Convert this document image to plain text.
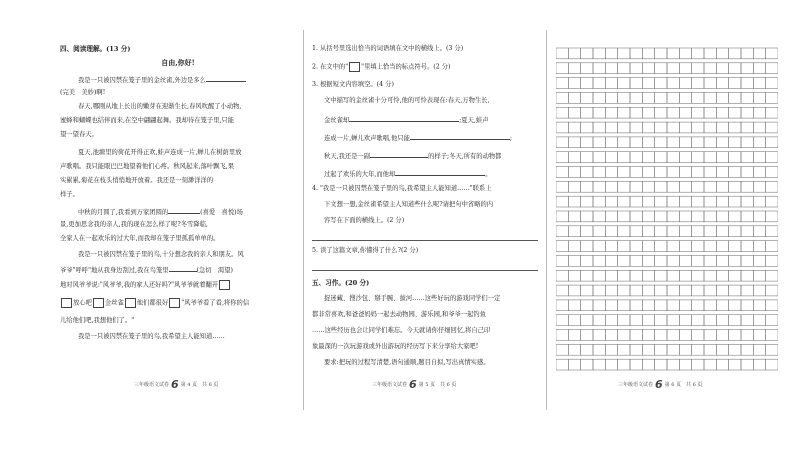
四、阅读理解。(13 分)
自由,你好!
我是一只被囚禁在笼子里的金丝雀,外边是多么
(完美　美妙)啊!
春天,哪刚从地上长出的嫩芽在迎渐生长,春风吹醒了小动物,
蜜蜂和蝴蝶也结伴而来,在空中翩翩起舞。我却待在笼子里,只能
望一望春天。
夏天,池塘里的荷花开得正欢,蛙声连成一片,蝉儿在树荫里放
声歌唱。我只能眼巴巴地望着他们心疼。秋风起来,落叶飘飞,果
实累累,菊花在枝头悄悄地开放着。我还是一刻渺洋洋的
样子。
中秋的月圆了,我看到万家团圆的	(喜爱　喜悦)场
景,更加思念我的亲人,我的现在怎么样了呢?冬雪降临,
全家人在一起欢乐的过大年,而我却在笼子里孤孤单单的。
我是一只被囚禁在笼子里的鸟,十分想念我的亲人和朋友。风
爷爷"呼呼"地从我身边刮过,我在鸟笼里	(急切　渴望)
地对风爷爷说:"风爷爷,我的家人还好吗?"风爷爷就着翻开
放心吧 金丝雀 他们都很好 "风爷爷看了看,将你的信
儿给他们吧,我想他们了。"
我是一只被囚禁在笼子里的鸟,我希望主人能知道……
三年级语文试卷 6 第 4 页　共 6 页
1. 从括号里选出恰当的词语填在文中的横线上。(3 分)
2. 在文中的" "里填上恰当的标点符号。(2 分)
3. 根据短文内容填空。(4 分)
文中描写的金丝雀十分可怜,他的可怜表现在:春天,万物生长,
金丝雀却	;夏天,蛙声
连成一片,蝉儿欢声歌唱,他只能	;
秋天,我还是一副	的样子;冬天,所有的动物都
过起了欢乐的大年,而他却	。
4. "我是一只被囚禁在笼子里的鸟,我希望主人能知道……"联系上
下文想一想,金丝雀希望主人知道些什么呢?请把句中省略的内
容写在下面的横线上。(2 分)
5. 读了这篇文章,你懂得了什么?(2 分)
五、习作。(20 分)
捉迷藏、搜沙包、掰手腕、拔河……这些好玩的游戏同学们一定
都非常喜欢,和爸爸妈妈一起去动物园、游乐园,和爷爷一起钓鱼
……这些经历也会让同学们难忘。今天就请你仔细回忆,将自己印
象最深的一次玩游戏或外出游玩的经历写下来分享给大家吧!
要求:把玩的过程写清楚,语句通顺,题目自拟,写出真情实感。
三年级语文试卷 6 第 5 页　共 6 页	三年级语文试卷 6 第 6 页　共 6 页
